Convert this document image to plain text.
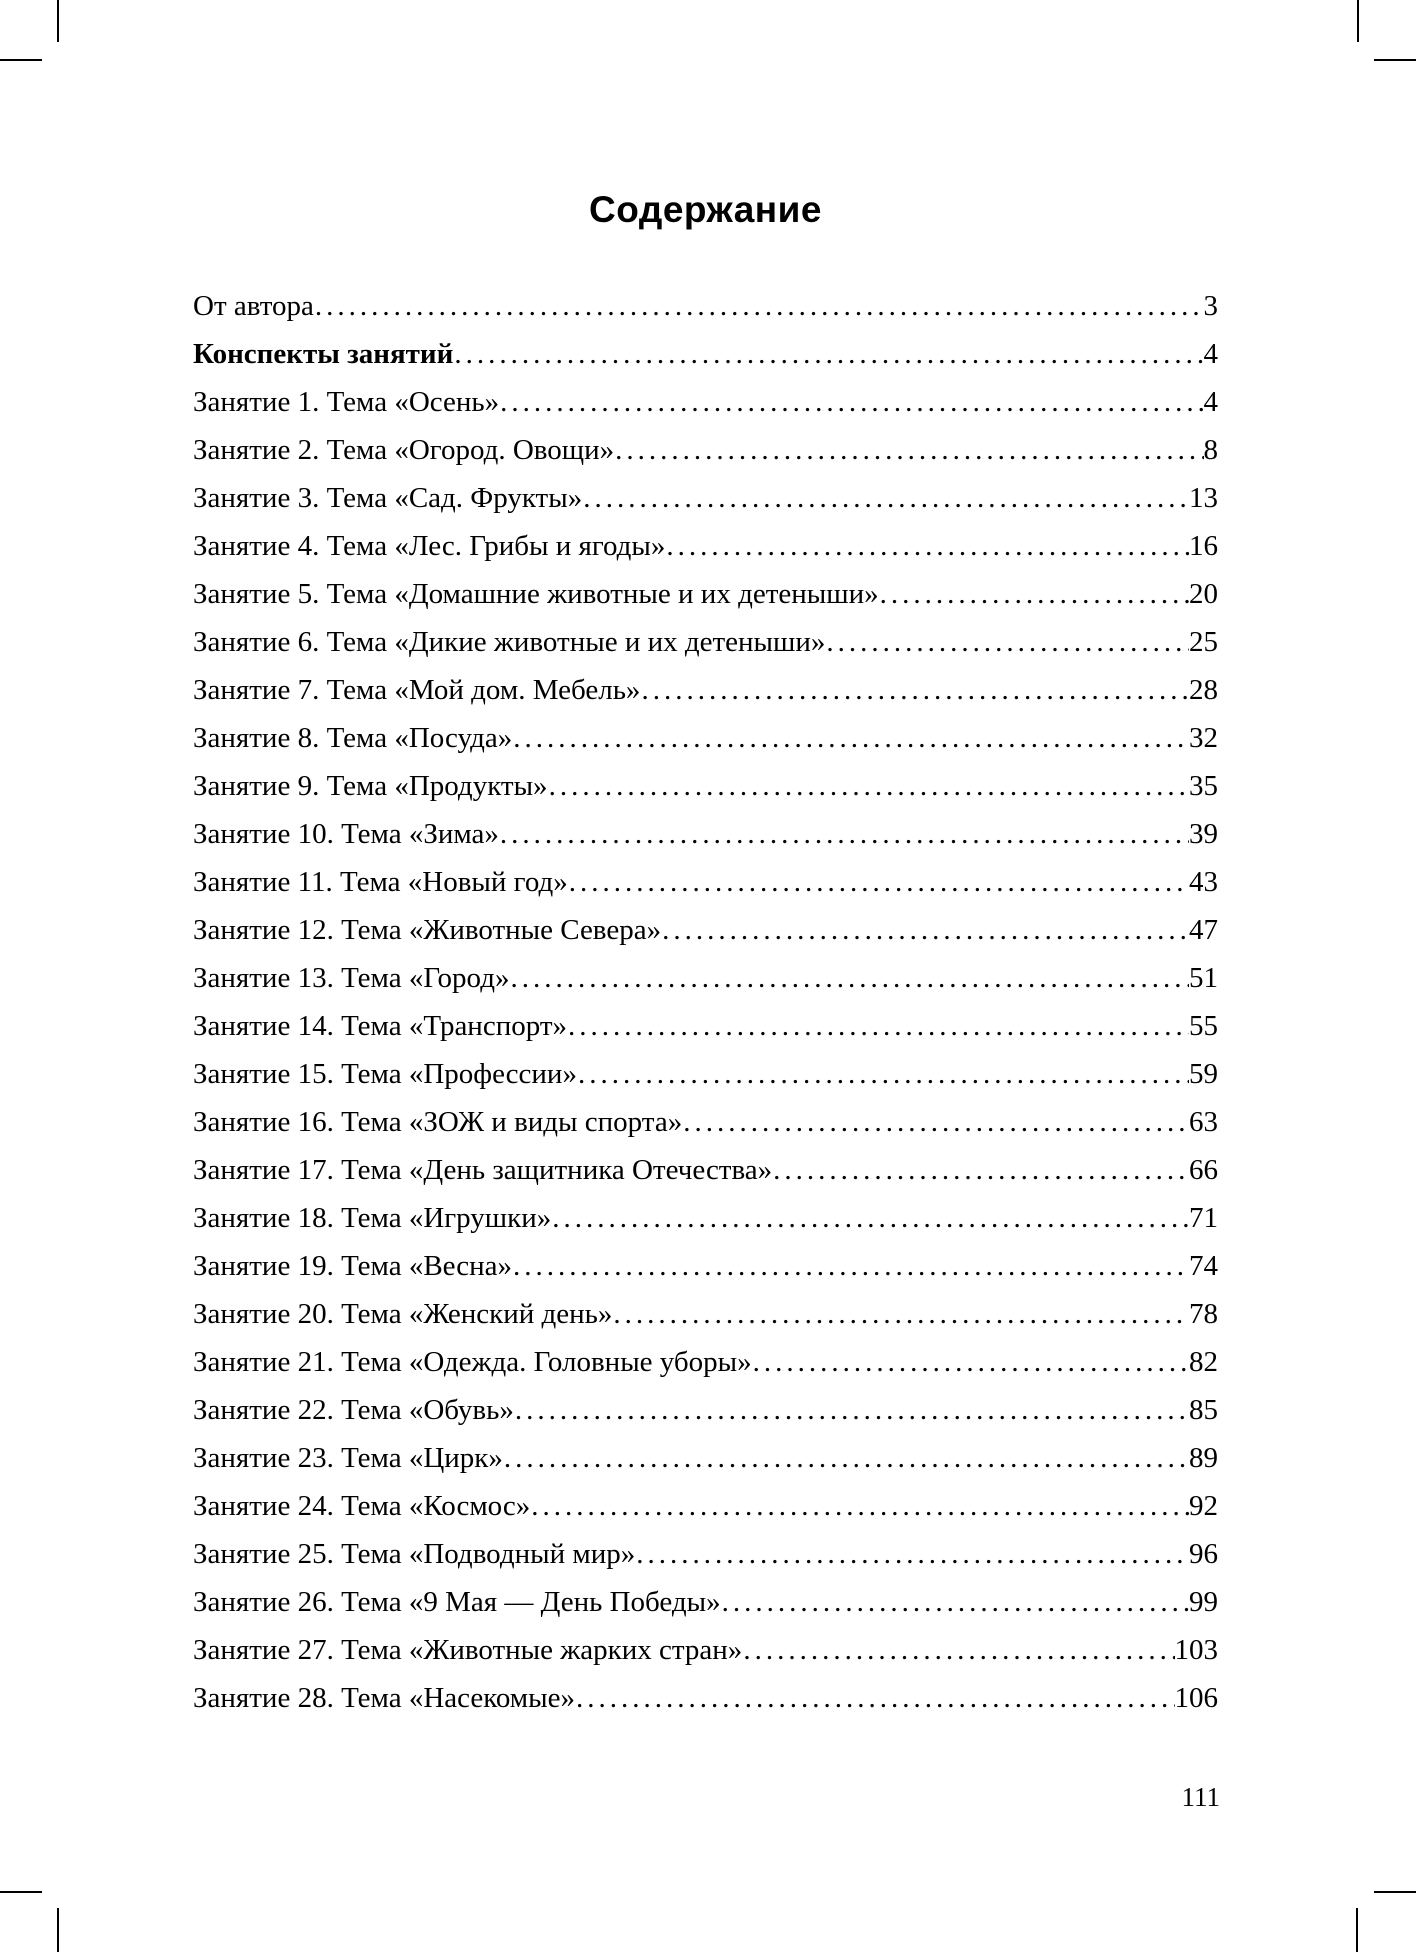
Содержание
От автора .....	3
Конспекты занятий .....	4
Занятие 1. Тема «Осень» .....	4
Занятие 2. Тема «Огород. Овощи» .....	8
Занятие 3. Тема «Сад. Фрукты» .....	13
Занятие 4. Тема «Лес. Грибы и ягоды» .....	16
Занятие 5. Тема «Домашние животные и их детеныши» .....	20
Занятие 6. Тема «Дикие животные и их детеныши» .....	25
Занятие 7. Тема «Мой дом. Мебель» .....	28
Занятие 8. Тема «Посуда» .....	32
Занятие 9. Тема «Продукты» .....	35
Занятие 10. Тема «Зима» .....	39
Занятие 11. Тема «Новый год» .....	43
Занятие 12. Тема «Животные Севера» .....	47
Занятие 13. Тема «Город» .....	51
Занятие 14. Тема «Транспорт» .....	55
Занятие 15. Тема «Профессии» .....	59
Занятие 16. Тема «ЗОЖ и виды спорта» .....	63
Занятие 17. Тема «День защитника Отечества» .....	66
Занятие 18. Тема «Игрушки» .....	71
Занятие 19. Тема «Весна» .....	74
Занятие 20. Тема «Женский день» .....	78
Занятие 21. Тема «Одежда. Головные уборы» .....	82
Занятие 22. Тема «Обувь» .....	85
Занятие 23. Тема «Цирк» .....	89
Занятие 24. Тема «Космос» .....	92
Занятие 25. Тема «Подводный мир» .....	96
Занятие 26. Тема «9 Мая — День Победы» .....	99
Занятие 27. Тема «Животные жарких стран» .....	103
Занятие 28. Тема «Насекомые» .....	106
111
